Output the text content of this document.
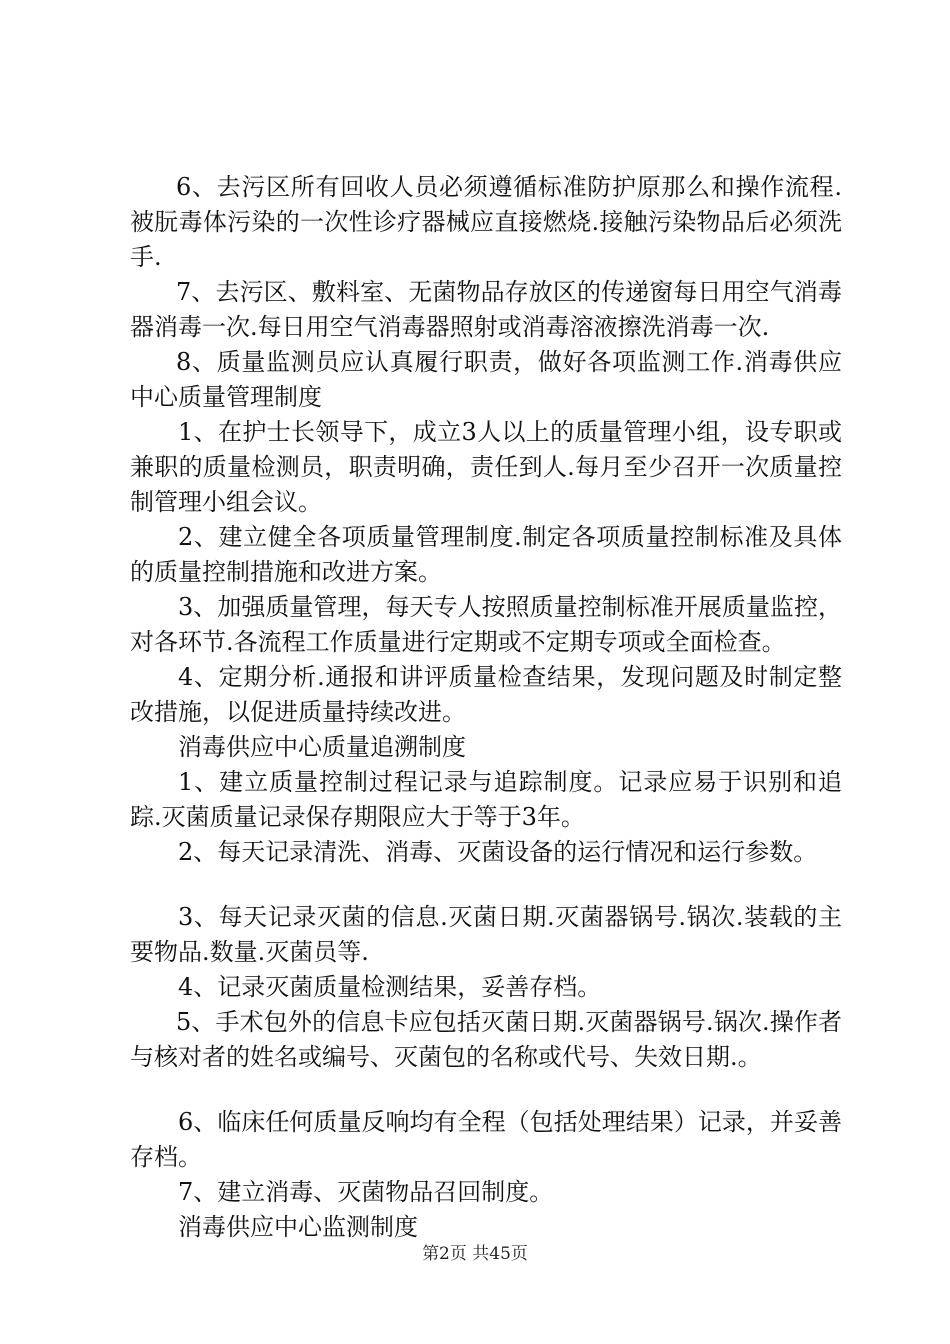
6、去污区所有回收人员必须遵循标准防护原那么和操作流程.被朊毒体污染的一次性诊疗器械应直接燃烧.接触污染物品后必须洗手.

7、去污区、敷料室、无菌物品存放区的传递窗每日用空气消毒器消毒一次.每日用空气消毒器照射或消毒溶液擦洗消毒一次.

8、质量监测员应认真履行职责，做好各项监测工作.消毒供应中心质量管理制度

1、在护士长领导下，成立3人以上的质量管理小组，设专职或兼职的质量检测员，职责明确，责任到人.每月至少召开一次质量控制管理小组会议。

2、建立健全各项质量管理制度.制定各项质量控制标准及具体的质量控制措施和改进方案。

3、加强质量管理，每天专人按照质量控制标准开展质量监控，对各环节.各流程工作质量进行定期或不定期专项或全面检查。

4、定期分析.通报和讲评质量检查结果，发现问题及时制定整改措施，以促进质量持续改进。

消毒供应中心质量追溯制度

1、建立质量控制过程记录与追踪制度。记录应易于识别和追踪.灭菌质量记录保存期限应大于等于3年。

2、每天记录清洗、消毒、灭菌设备的运行情况和运行参数。

3、每天记录灭菌的信息.灭菌日期.灭菌器锅号.锅次.装载的主要物品.数量.灭菌员等.

4、记录灭菌质量检测结果，妥善存档。

5、手术包外的信息卡应包括灭菌日期.灭菌器锅号.锅次.操作者与核对者的姓名或编号、灭菌包的名称或代号、失效日期.。

6、临床任何质量反响均有全程（包括处理结果）记录，并妥善存档。

7、建立消毒、灭菌物品召回制度。

消毒供应中心监测制度

第2页 共45页
